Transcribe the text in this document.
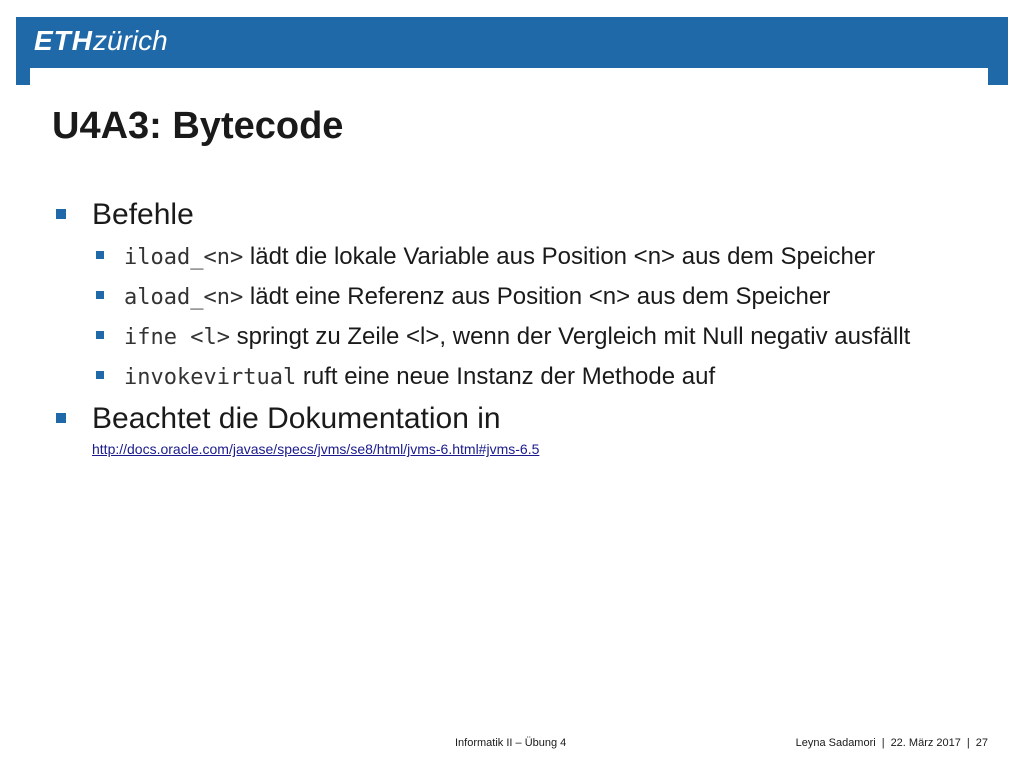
ETHzürich
U4A3: Bytecode
Befehle
iload_<n> lädt die lokale Variable aus Position <n> aus dem Speicher
aload_<n> lädt eine Referenz aus Position <n> aus dem Speicher
ifne <l> springt zu Zeile <l>, wenn der Vergleich mit Null negativ ausfällt
invokevirtual ruft eine neue Instanz der Methode auf
Beachtet die Dokumentation in
http://docs.oracle.com/javase/specs/jvms/se8/html/jvms-6.html#jvms-6.5
Informatik II – Übung 4	Leyna Sadamori | 22. März 2017 | 27
